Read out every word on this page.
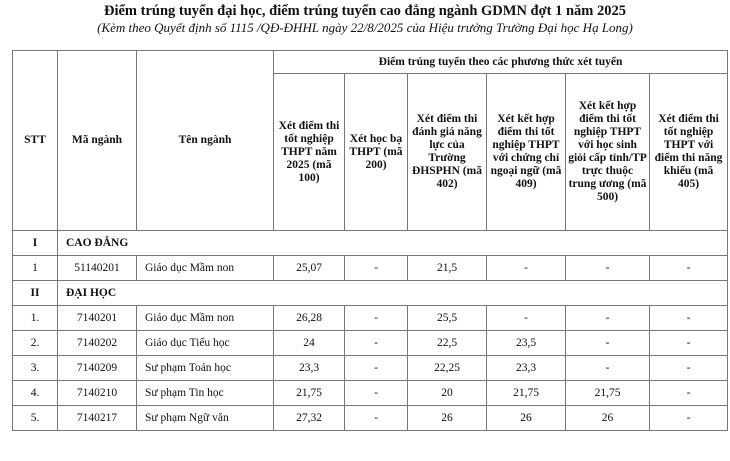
Điểm trúng tuyển đại học, điểm trúng tuyển cao đẳng ngành GDMN đợt 1 năm 2025
(Kèm theo Quyết định số 1115 /QĐ-ĐHHL ngày 22/8/2025 của Hiệu trưởng Trường Đại học Hạ Long)
STT	Mã ngành	Tên ngành	Điểm trúng tuyển theo các phương thức xét tuyển					
			Xét điểm thi tốt nghiệp THPT năm 2025 (mã 100)	Xét học bạ THPT (mã 200)	Xét điểm thi đánh giá năng lực của Trường ĐHSPHN (mã 402)	Xét kết hợp điểm thi tốt nghiệp THPT với chứng chỉ ngoại ngữ (mã 409)	Xét kết hợp điểm thi tốt nghiệp THPT với học sinh giỏi cấp tỉnh/TP trực thuộc trung ương (mã 500)	Xét điểm thi tốt nghiệp THPT với điểm thi năng khiếu (mã 405)
I	CAO ĐẲNG							
1	51140201	Giáo dục Mầm non	25,07	-	21,5	-	-	-
II	ĐẠI HỌC							
1.	7140201	Giáo dục Mầm non	26,28	-	25,5	-	-	-
2.	7140202	Giáo dục Tiểu học	24	-	22,5	23,5	-	-
3.	7140209	Sư phạm Toán học	23,3	-	22,25	23,3	-	-
4.	7140210	Sư phạm Tin học	21,75	-	20	21,75	21,75	-
5.	7140217	Sư phạm Ngữ văn	27,32	-	26	26	26	-
